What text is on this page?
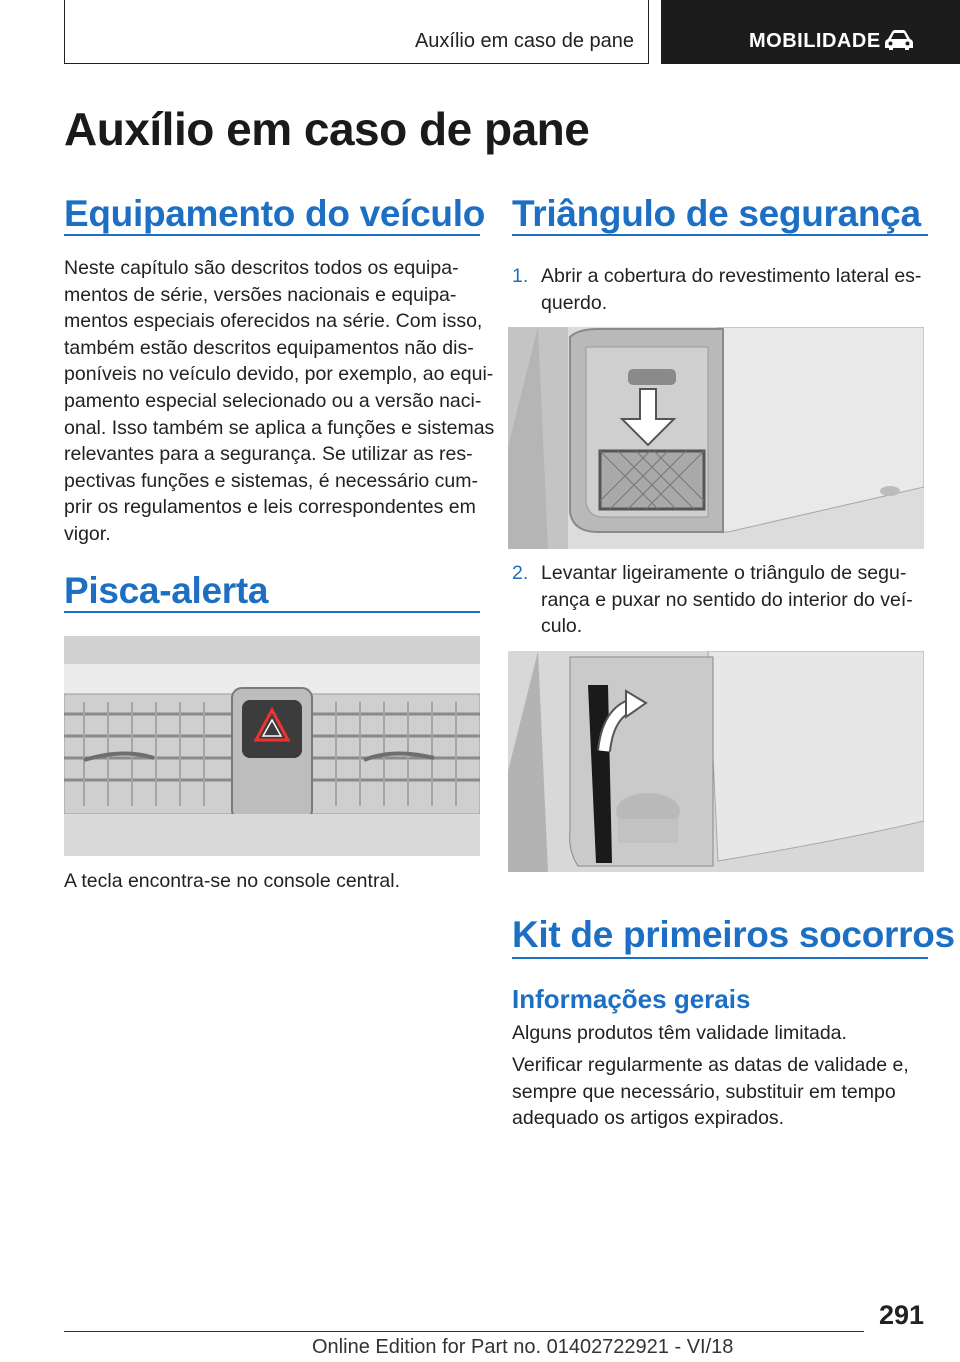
Auxílio em caso de pane	MOBILIDADE
Auxílio em caso de pane
Equipamento do veículo
Neste capítulo são descritos todos os equipa‐
mentos de série, versões nacionais e equipa‐
mentos especiais oferecidos na série. Com isso,
também estão descritos equipamentos não dis‐
poníveis no veículo devido, por exemplo, ao equi‐
pamento especial selecionado ou a versão naci‐
onal. Isso também se aplica a funções e sistemas
relevantes para a segurança. Se utilizar as res‐
pectivas funções e sistemas, é necessário cum‐
prir os regulamentos e leis correspondentes em
vigor.
Pisca-alerta

A tecla encontra-se no console central.

Triângulo de segurança
1. Abrir a cobertura do revestimento lateral es‐
querdo.
2. Levantar ligeiramente o triângulo de segu‐
rança e puxar no sentido do interior do veí‐
culo.
Kit de primeiros socorros
Informações gerais

Alguns produtos têm validade limitada.

Verificar regularmente as datas de validade e,
sempre que necessário, substituir em tempo
adequado os artigos expirados.
291
Online Edition for Part no. 01402722921 - VI/18
